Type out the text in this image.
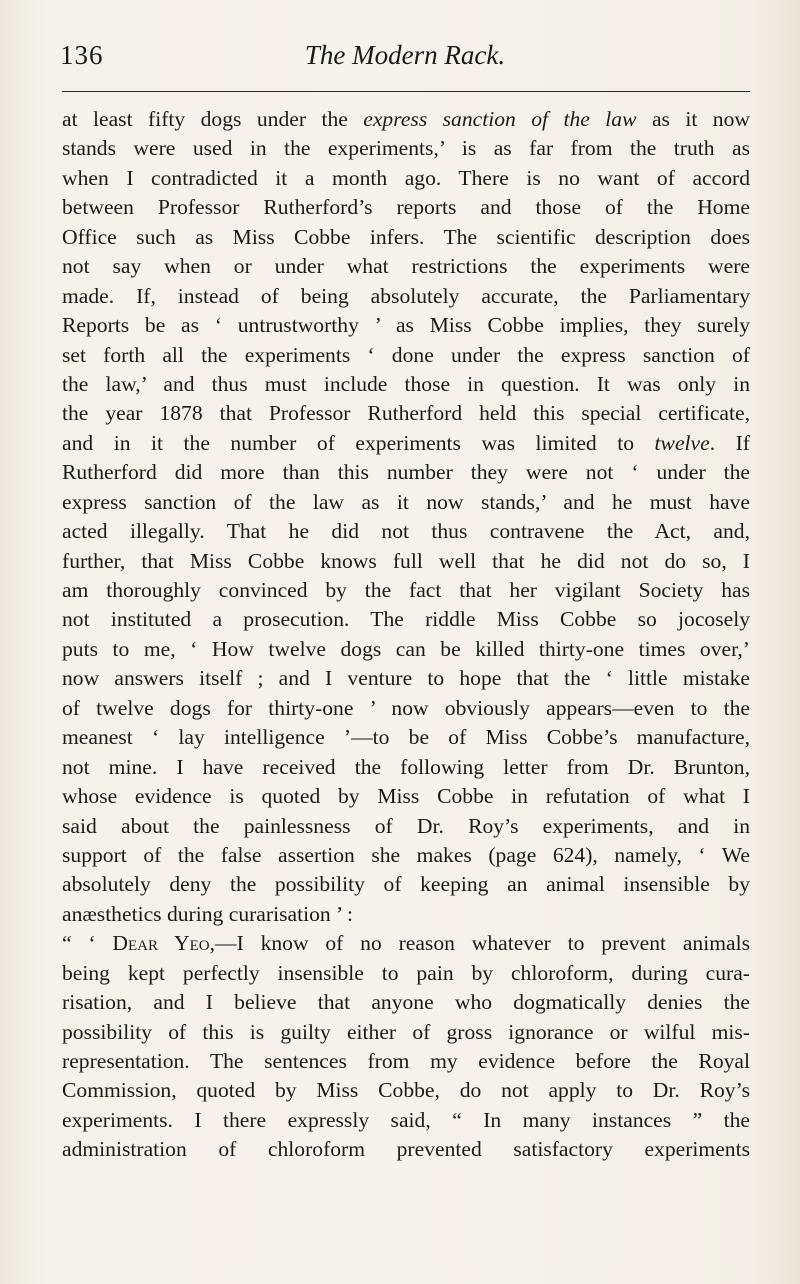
136	The Modern Rack.
at least fifty dogs under the express sanction of the law as it now
stands were used in the experiments,’ is as far from the truth as
when I contradicted it a month ago. There is no want of accord
between Professor Rutherford’s reports and those of the Home
Office such as Miss Cobbe infers. The scientific description does
not say when or under what restrictions the experiments were
made. If, instead of being absolutely accurate, the Parliamentary
Reports be as ‘ untrustworthy ’ as Miss Cobbe implies, they surely
set forth all the experiments ‘ done under the express sanction of
the law,’ and thus must include those in question. It was only in
the year 1878 that Professor Rutherford held this special certificate,
and in it the number of experiments was limited to twelve. If
Rutherford did more than this number they were not ‘ under the
express sanction of the law as it now stands,’ and he must have
acted illegally. That he did not thus contravene the Act, and,
further, that Miss Cobbe knows full well that he did not do so, I
am thoroughly convinced by the fact that her vigilant Society has
not instituted a prosecution. The riddle Miss Cobbe so jocosely
puts to me, ‘ How twelve dogs can be killed thirty-one times over,’
now answers itself ; and I venture to hope that the ‘ little mistake
of twelve dogs for thirty-one ’ now obviously appears—even to the
meanest ‘ lay intelligence ’—to be of Miss Cobbe’s manufacture,
not mine. I have received the following letter from Dr. Brunton,
whose evidence is quoted by Miss Cobbe in refutation of what I
said about the painlessness of Dr. Roy’s experiments, and in
support of the false assertion she makes (page 624), namely, ‘ We
absolutely deny the possibility of keeping an animal insensible by
anæsthetics during curarisation ’ :
“ ‘ Dear Yeo,—I know of no reason whatever to prevent animals
being kept perfectly insensible to pain by chloroform, during cura-
risation, and I believe that anyone who dogmatically denies the
possibility of this is guilty either of gross ignorance or wilful mis-
representation. The sentences from my evidence before the Royal
Commission, quoted by Miss Cobbe, do not apply to Dr. Roy’s
experiments. I there expressly said, “ In many instances ” the
administration of chloroform prevented satisfactory experiments
